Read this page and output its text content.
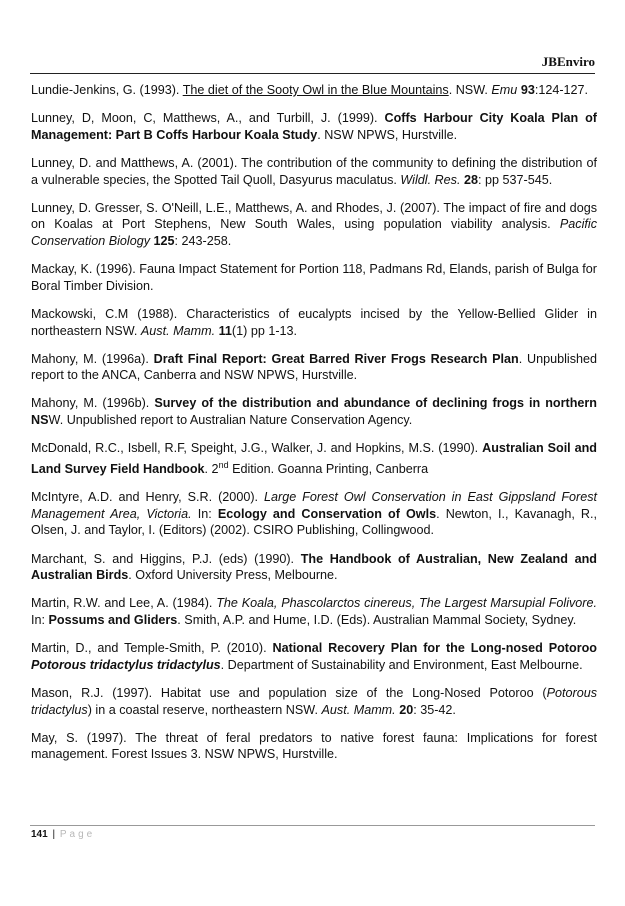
JBEnviro

Lundie-Jenkins, G. (1993). The diet of the Sooty Owl in the Blue Mountains. NSW. Emu 93:124-127.

Lunney, D, Moon, C, Matthews, A., and Turbill, J. (1999). Coffs Harbour City Koala Plan of Management: Part B Coffs Harbour Koala Study. NSW NPWS, Hurstville.

Lunney, D. and Matthews, A. (2001). The contribution of the community to defining the distribution of a vulnerable species, the Spotted Tail Quoll, Dasyurus maculatus. Wildl. Res. 28: pp 537-545.

Lunney, D. Gresser, S. O'Neill, L.E., Matthews, A. and Rhodes, J. (2007). The impact of fire and dogs on Koalas at Port Stephens, New South Wales, using population viability analysis. Pacific Conservation Biology 125: 243-258.

Mackay, K. (1996). Fauna Impact Statement for Portion 118, Padmans Rd, Elands, parish of Bulga for Boral Timber Division.

Mackowski, C.M (1988). Characteristics of eucalypts incised by the Yellow-Bellied Glider in northeastern NSW. Aust. Mamm. 11(1) pp 1-13.

Mahony, M. (1996a). Draft Final Report: Great Barred River Frogs Research Plan. Unpublished report to the ANCA, Canberra and NSW NPWS, Hurstville.

Mahony, M. (1996b). Survey of the distribution and abundance of declining frogs in northern NSW. Unpublished report to Australian Nature Conservation Agency.

McDonald, R.C., Isbell, R.F, Speight, J.G., Walker, J. and Hopkins, M.S. (1990). Australian Soil and Land Survey Field Handbook. 2nd Edition. Goanna Printing, Canberra

McIntyre, A.D. and Henry, S.R. (2000). Large Forest Owl Conservation in East Gippsland Forest Management Area, Victoria. In: Ecology and Conservation of Owls. Newton, I., Kavanagh, R., Olsen, J. and Taylor, I. (Editors) (2002). CSIRO Publishing, Collingwood.

Marchant, S. and Higgins, P.J. (eds) (1990). The Handbook of Australian, New Zealand and Australian Birds. Oxford University Press, Melbourne.

Martin, R.W. and Lee, A. (1984). The Koala, Phascolarctos cinereus, The Largest Marsupial Folivore. In: Possums and Gliders. Smith, A.P. and Hume, I.D. (Eds). Australian Mammal Society, Sydney.

Martin, D., and Temple-Smith, P. (2010). National Recovery Plan for the Long-nosed Potoroo Potorous tridactylus tridactylus. Department of Sustainability and Environment, East Melbourne.

Mason, R.J. (1997). Habitat use and population size of the Long-Nosed Potoroo (Potorous tridactylus) in a coastal reserve, northeastern NSW. Aust. Mamm. 20: 35-42.

May, S. (1997). The threat of feral predators to native forest fauna: Implications for forest management. Forest Issues 3. NSW NPWS, Hurstville.

141 | Page
